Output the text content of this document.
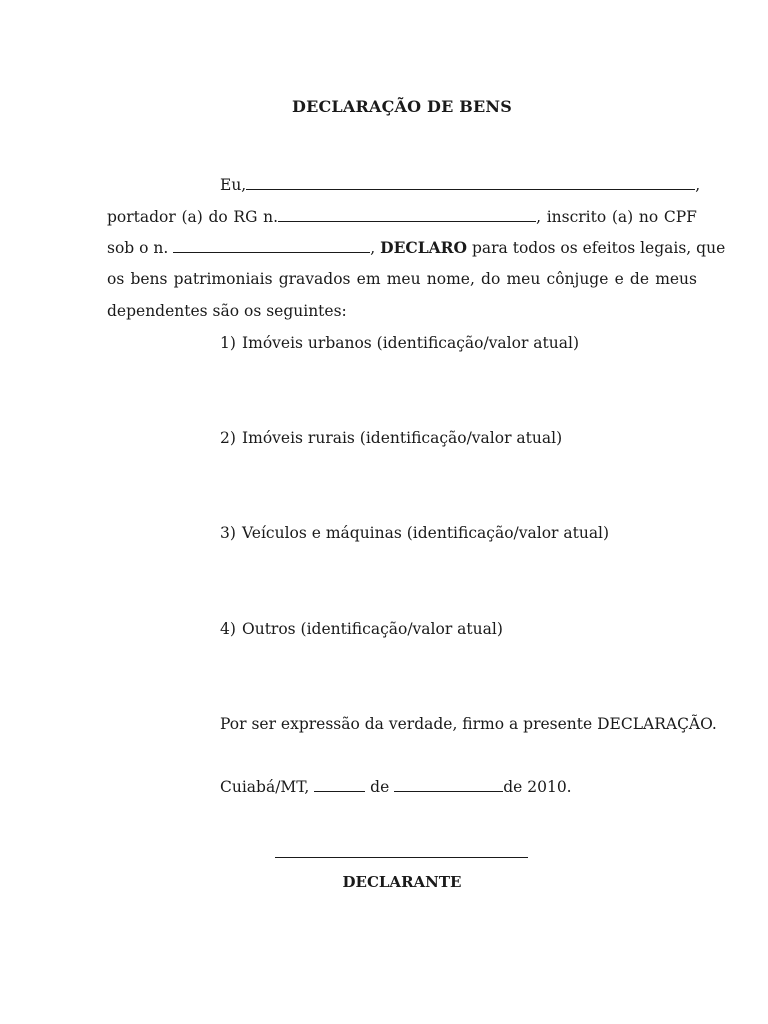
DECLARAÇÃO DE BENS
Eu,	,
portador (a) do RG n.	, inscrito (a) no CPF
sob o n.	, DECLARO para todos os efeitos legais, que
os bens patrimoniais gravados em meu nome, do meu cônjuge e de meus
dependentes são os seguintes:
1) Imóveis urbanos (identificação/valor atual)
2) Imóveis rurais (identificação/valor atual)
3) Veículos e máquinas (identificação/valor atual)
4) Outros (identificação/valor atual)
Por ser expressão da verdade, firmo a presente DECLARAÇÃO.
Cuiabá/MT,	de	de 2010.
DECLARANTE
